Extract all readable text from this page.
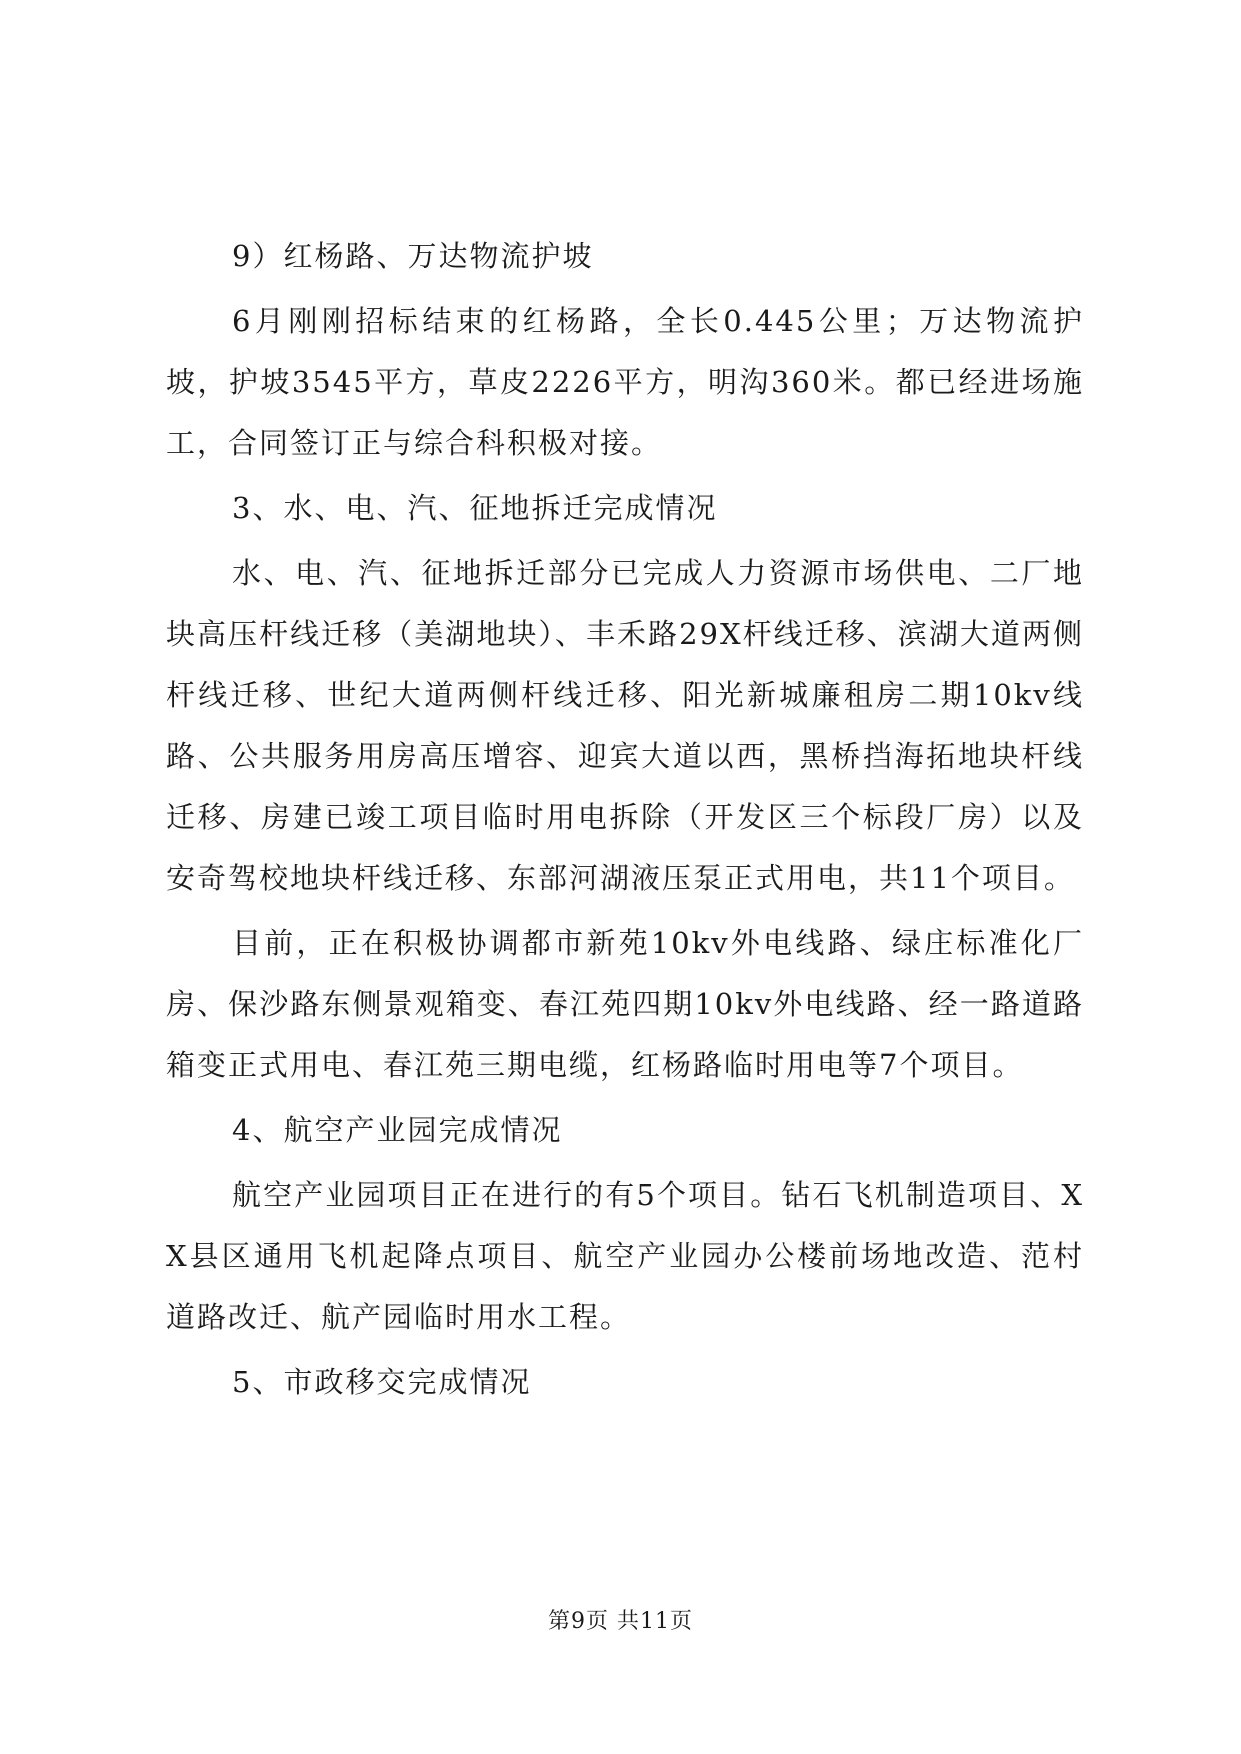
9）红杨路、万达物流护坡

6月刚刚招标结束的红杨路，全长0.445公里；万达物流护坡，护坡3545平方，草皮2226平方，明沟360米。都已经进场施工，合同签订正与综合科积极对接。

3、水、电、汽、征地拆迁完成情况

水、电、汽、征地拆迁部分已完成人力资源市场供电、二厂地块高压杆线迁移（美湖地块）、丰禾路29X杆线迁移、滨湖大道两侧杆线迁移、世纪大道两侧杆线迁移、阳光新城廉租房二期10kv线路、公共服务用房高压增容、迎宾大道以西，黑桥挡海拓地块杆线迁移、房建已竣工项目临时用电拆除（开发区三个标段厂房）以及安奇驾校地块杆线迁移、东部河湖液压泵正式用电，共11个项目。

目前，正在积极协调都市新苑10kv外电线路、绿庄标准化厂房、保沙路东侧景观箱变、春江苑四期10kv外电线路、经一路道路箱变正式用电、春江苑三期电缆，红杨路临时用电等7个项目。

4、航空产业园完成情况

航空产业园项目正在进行的有5个项目。钻石飞机制造项目、XX县区通用飞机起降点项目、航空产业园办公楼前场地改造、范村道路改迁、航产园临时用水工程。

5、市政移交完成情况

第9页 共11页
